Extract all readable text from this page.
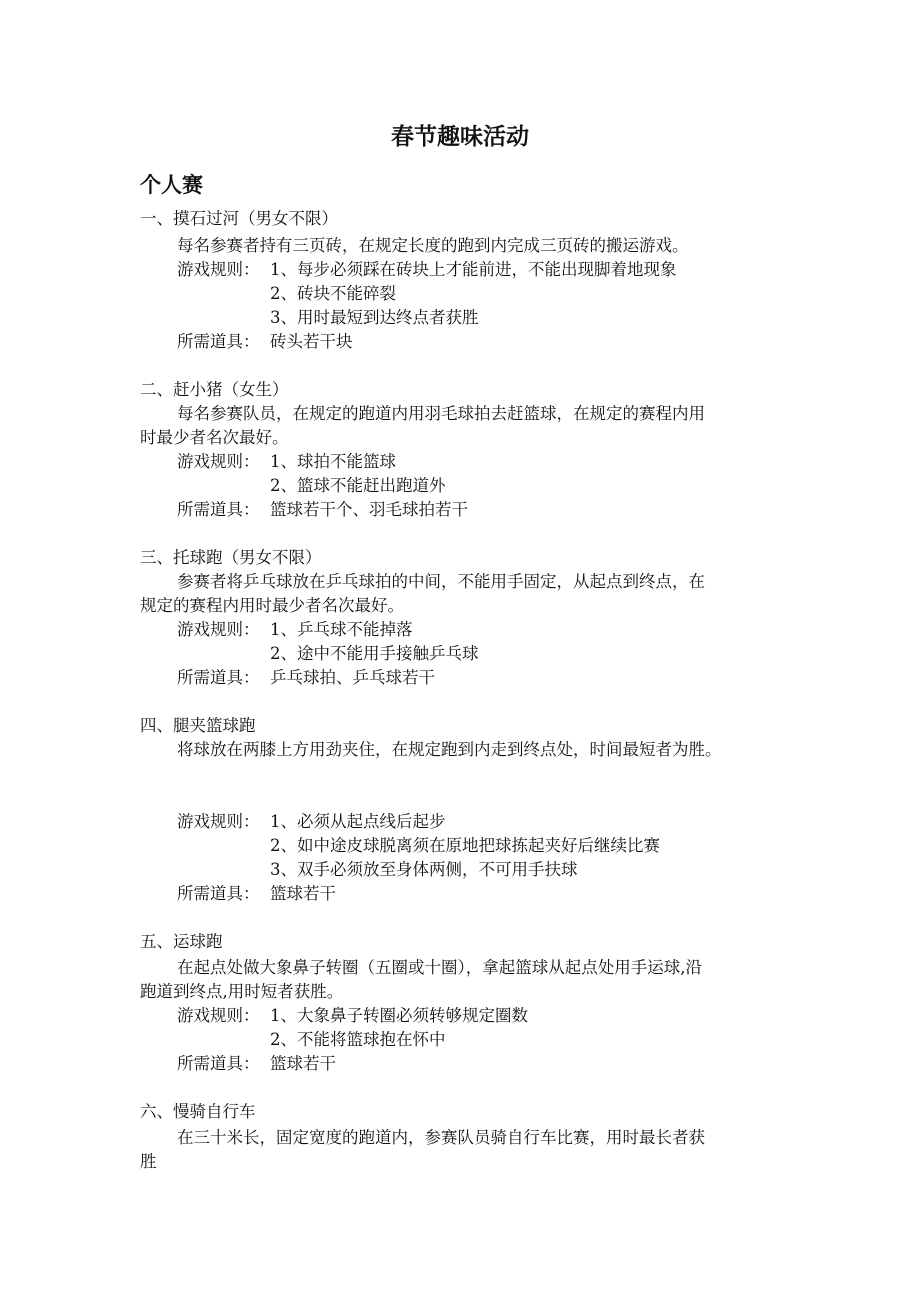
春节趣味活动
个人赛
一、摸石过河（男女不限）
每名参赛者持有三页砖，在规定长度的跑到内完成三页砖的搬运游戏。
游戏规则： 1、每步必须踩在砖块上才能前进，不能出现脚着地现象
2、砖块不能碎裂
3、用时最短到达终点者获胜
所需道具： 砖头若干块
二、赶小猪（女生）
每名参赛队员，在规定的跑道内用羽毛球拍去赶篮球，在规定的赛程内用
时最少者名次最好。
游戏规则： 1、球拍不能篮球
2、篮球不能赶出跑道外
所需道具： 篮球若干个、羽毛球拍若干
三、托球跑（男女不限）
参赛者将乒乓球放在乒乓球拍的中间，不能用手固定，从起点到终点，在
规定的赛程内用时最少者名次最好。
游戏规则： 1、乒乓球不能掉落
2、途中不能用手接触乒乓球
所需道具： 乒乓球拍、乒乓球若干
四、腿夹篮球跑
将球放在两膝上方用劲夹住，在规定跑到内走到终点处，时间最短者为胜。
游戏规则： 1、必须从起点线后起步
2、如中途皮球脱离须在原地把球拣起夹好后继续比赛
3、双手必须放至身体两侧，不可用手扶球
所需道具： 篮球若干
五、运球跑
在起点处做大象鼻子转圈（五圈或十圈），拿起篮球从起点处用手运球,沿
跑道到终点,用时短者获胜。
游戏规则： 1、大象鼻子转圈必须转够规定圈数
2、不能将篮球抱在怀中
所需道具： 篮球若干
六、慢骑自行车
在三十米长，固定宽度的跑道内，参赛队员骑自行车比赛，用时最长者获
胜
